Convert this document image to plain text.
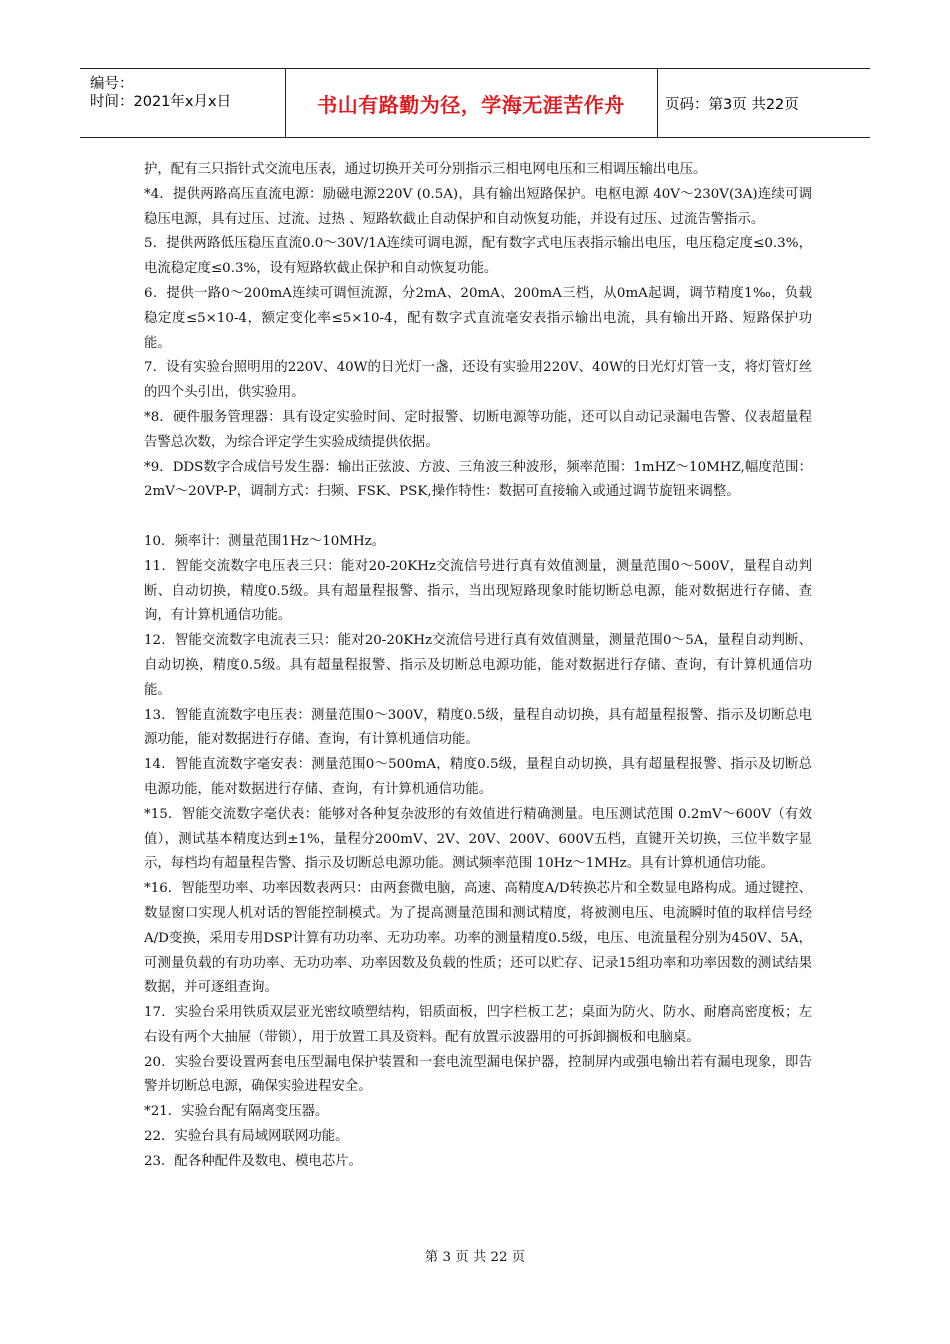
编号：
时间：2021年x月x日	书山有路勤为径，学海无涯苦作舟	页码：第3页 共22页

护，配有三只指针式交流电压表，通过切换开关可分别指示三相电网电压和三相调压输出电压。

*4．提供两路高压直流电源：励磁电源220V (0.5A)，具有输出短路保护。电枢电源 40V～230V(3A)连续可调稳压电源，具有过压、过流、过热 、短路软截止自动保护和自动恢复功能，并设有过压、过流告警指示。

5．提供两路低压稳压直流0.0～30V/1A连续可调电源，配有数字式电压表指示输出电压，电压稳定度≤0.3%，电流稳定度≤0.3%，设有短路软截止保护和自动恢复功能。

6．提供一路0～200mA连续可调恒流源，分2mA、20mA、200mA三档，从0mA起调，调节精度1‰，负载稳定度≤5×10-4，额定变化率≤5×10-4，配有数字式直流毫安表指示输出电流，具有输出开路、短路保护功能。

7．设有实验台照明用的220V、40W的日光灯一盏，还设有实验用220V、40W的日光灯灯管一支，将灯管灯丝的四个头引出，供实验用。

*8．硬件服务管理器：具有设定实验时间、定时报警、切断电源等功能，还可以自动记录漏电告警、仪表超量程告警总次数，为综合评定学生实验成绩提供依据。

*9．DDS数字合成信号发生器：输出正弦波、方波、三角波三种波形，频率范围：1mHZ～10MHZ,幅度范围：2mV～20VP-P，调制方式：扫频、FSK、PSK,操作特性：数据可直接输入或通过调节旋钮来调整。

10．频率计：测量范围1Hz～10MHz。

11．智能交流数字电压表三只：能对20-20KHz交流信号进行真有效值测量，测量范围0～500V，量程自动判断、自动切换，精度0.5级。具有超量程报警、指示，当出现短路现象时能切断总电源，能对数据进行存储、查询，有计算机通信功能。

12．智能交流数字电流表三只：能对20-20KHz交流信号进行真有效值测量，测量范围0～5A，量程自动判断、自动切换，精度0.5级。具有超量程报警、指示及切断总电源功能，能对数据进行存储、查询，有计算机通信功能。

13．智能直流数字电压表：测量范围0～300V，精度0.5级，量程自动切换，具有超量程报警、指示及切断总电源功能，能对数据进行存储、查询，有计算机通信功能。

14．智能直流数字毫安表：测量范围0～500mA，精度0.5级，量程自动切换，具有超量程报警、指示及切断总电源功能，能对数据进行存储、查询，有计算机通信功能。

*15．智能交流数字毫伏表：能够对各种复杂波形的有效值进行精确测量。电压测试范围 0.2mV～600V（有效值），测试基本精度达到±1%，量程分200mV、2V、20V、200V、600V五档，直键开关切换，三位半数字显示，每档均有超量程告警、指示及切断总电源功能。测试频率范围 10Hz～1MHz。具有计算机通信功能。

*16．智能型功率、功率因数表两只：由两套微电脑，高速、高精度A/D转换芯片和全数显电路构成。通过键控、数显窗口实现人机对话的智能控制模式。为了提高测量范围和测试精度，将被测电压、电流瞬时值的取样信号经A/D变换，采用专用DSP计算有功功率、无功功率。功率的测量精度0.5级，电压、电流量程分别为450V、5A，可测量负载的有功功率、无功功率、功率因数及负载的性质；还可以贮存、记录15组功率和功率因数的测试结果数据，并可逐组查询。

17．实验台采用铁质双层亚光密纹喷塑结构，铝质面板，凹字栏板工艺；桌面为防火、防水、耐磨高密度板；左右设有两个大抽屉（带锁），用于放置工具及资料。配有放置示波器用的可拆卸搁板和电脑桌。

20．实验台要设置两套电压型漏电保护装置和一套电流型漏电保护器，控制屏内或强电输出若有漏电现象，即告警并切断总电源，确保实验进程安全。

*21．实验台配有隔离变压器。

22．实验台具有局域网联网功能。

23．配各种配件及数电、模电芯片。

第 3 页 共 22 页
